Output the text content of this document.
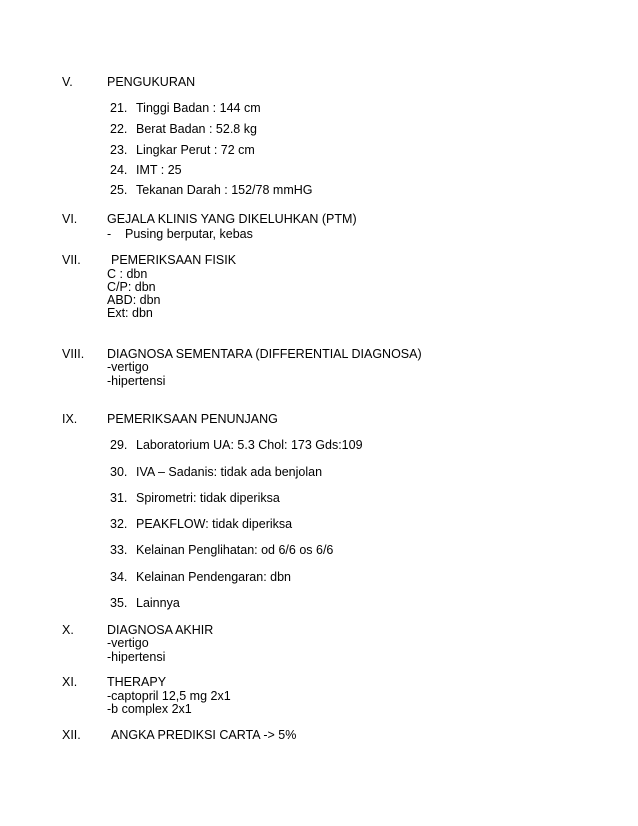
V.	PENGUKURAN
21. Tinggi Badan : 144 cm
22. Berat Badan : 52.8 kg
23. Lingkar Perut : 72 cm
24. IMT : 25
25. Tekanan Darah : 152/78 mmHG
VI. GEJALA KLINIS YANG DIKELUHKAN (PTM)
- Pusing berputar, kebas
VII. PEMERIKSAAN FISIK
C : dbn
C/P: dbn
ABD: dbn
Ext: dbn
VIII. DIAGNOSA SEMENTARA (DIFFERENTIAL DIAGNOSA)
-vertigo
-hipertensi
IX. PEMERIKSAAN PENUNJANG
29. Laboratorium UA: 5.3 Chol: 173 Gds:109
30. IVA – Sadanis: tidak ada benjolan
31. Spirometri: tidak diperiksa
32. PEAKFLOW: tidak diperiksa
33. Kelainan Penglihatan: od 6/6 os 6/6
34. Kelainan Pendengaran: dbn
35. Lainnya
X.	DIAGNOSA AKHIR
-vertigo
-hipertensi
XI. THERAPY
-captopril 12,5 mg 2x1
-b complex 2x1
XII. ANGKA PREDIKSI CARTA -> 5%
